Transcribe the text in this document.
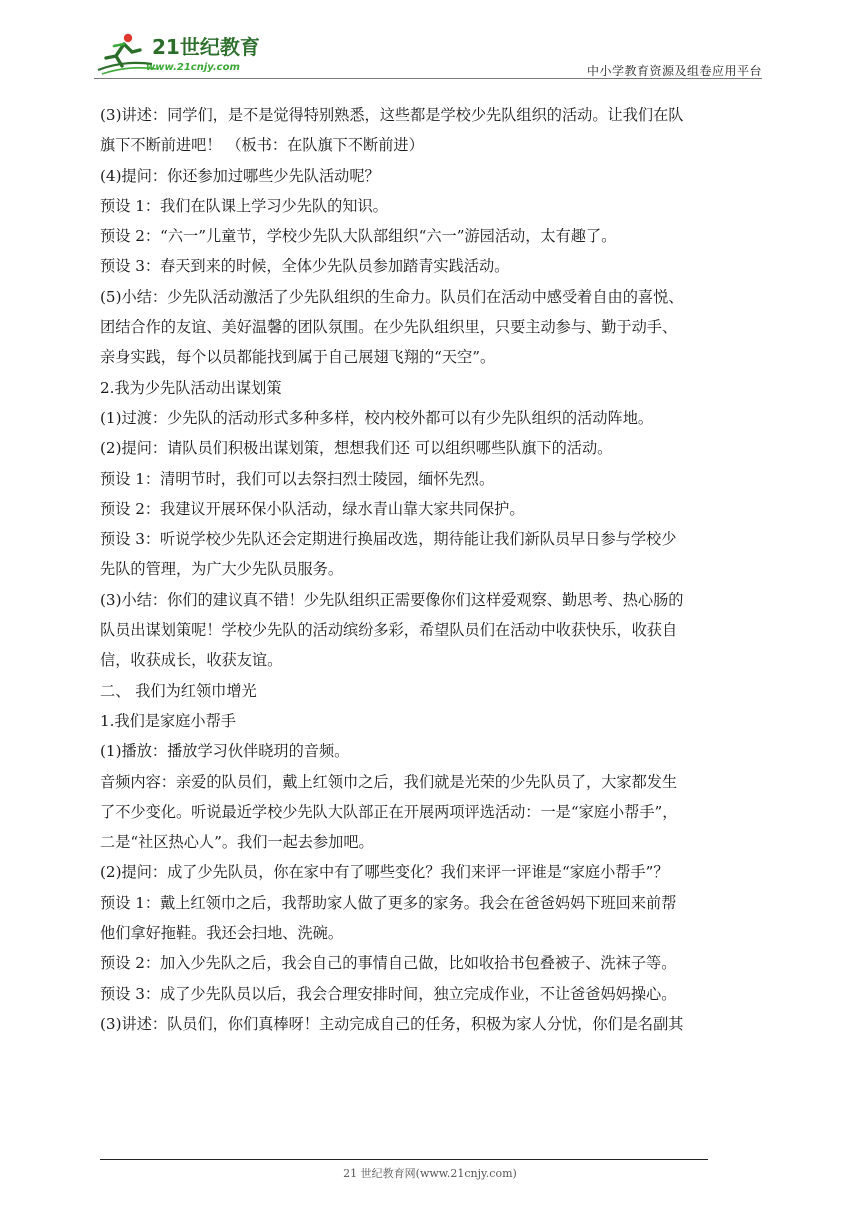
21世纪教育
www.21cnjy.com	中小学教育资源及组卷应用平台
(3)讲述：同学们，是不是觉得特别熟悉，这些都是学校少先队组织的活动。让我们在队
旗下不断前进吧！ （板书：在队旗下不断前进）
(4)提问：你还参加过哪些少先队活动呢？
预设 1：我们在队课上学习少先队的知识。
预设 2：“六一”儿童节，学校少先队大队部组织“六一”游园活动，太有趣了。
预设 3：春天到来的时候，全体少先队员参加踏青实践活动。
(5)小结：少先队活动激活了少先队组织的生命力。队员们在活动中感受着自由的喜悦、
团结合作的友谊、美好温馨的团队氛围。在少先队组织里，只要主动参与、勤于动手、
亲身实践，每个以员都能找到属于自己展翅飞翔的“天空”。
2.我为少先队活动出谋划策
(1)过渡：少先队的活动形式多种多样，校内校外都可以有少先队组织的活动阵地。
(2)提问：请队员们积极出谋划策，想想我们还 可以组织哪些队旗下的活动。
预设 1：清明节时，我们可以去祭扫烈士陵园，缅怀先烈。
预设 2：我建议开展环保小队活动，绿水青山靠大家共同保护。
预设 3：听说学校少先队还会定期进行换届改选，期待能让我们新队员早日参与学校少
先队的管理，为广大少先队员服务。
(3)小结：你们的建议真不错！少先队组织正需要像你们这样爱观察、勤思考、热心肠的
队员出谋划策呢！学校少先队的活动缤纷多彩，希望队员们在活动中收获快乐，收获自
信，收获成长，收获友谊。
二、 我们为红领巾增光
1.我们是家庭小帮手
(1)播放：播放学习伙伴晓玥的音频。
音频内容：亲爱的队员们，戴上红领巾之后，我们就是光荣的少先队员了，大家都发生
了不少变化。听说最近学校少先队大队部正在开展两项评选活动：一是“家庭小帮手”，
二是“社区热心人”。我们一起去参加吧。
(2)提问：成了少先队员，你在家中有了哪些变化？我们来评一评谁是“家庭小帮手”？
预设 1：戴上红领巾之后，我帮助家人做了更多的家务。我会在爸爸妈妈下班回来前帮
他们拿好拖鞋。我还会扫地、洗碗。
预设 2：加入少先队之后，我会自己的事情自己做，比如收拾书包叠被子、洗袜子等。
预设 3：成了少先队员以后，我会合理安排时间，独立完成作业，不让爸爸妈妈操心。
(3)讲述：队员们，你们真棒呀！主动完成自己的任务，积极为家人分忧，你们是名副其
21 世纪教育网(www.21cnjy.com)
